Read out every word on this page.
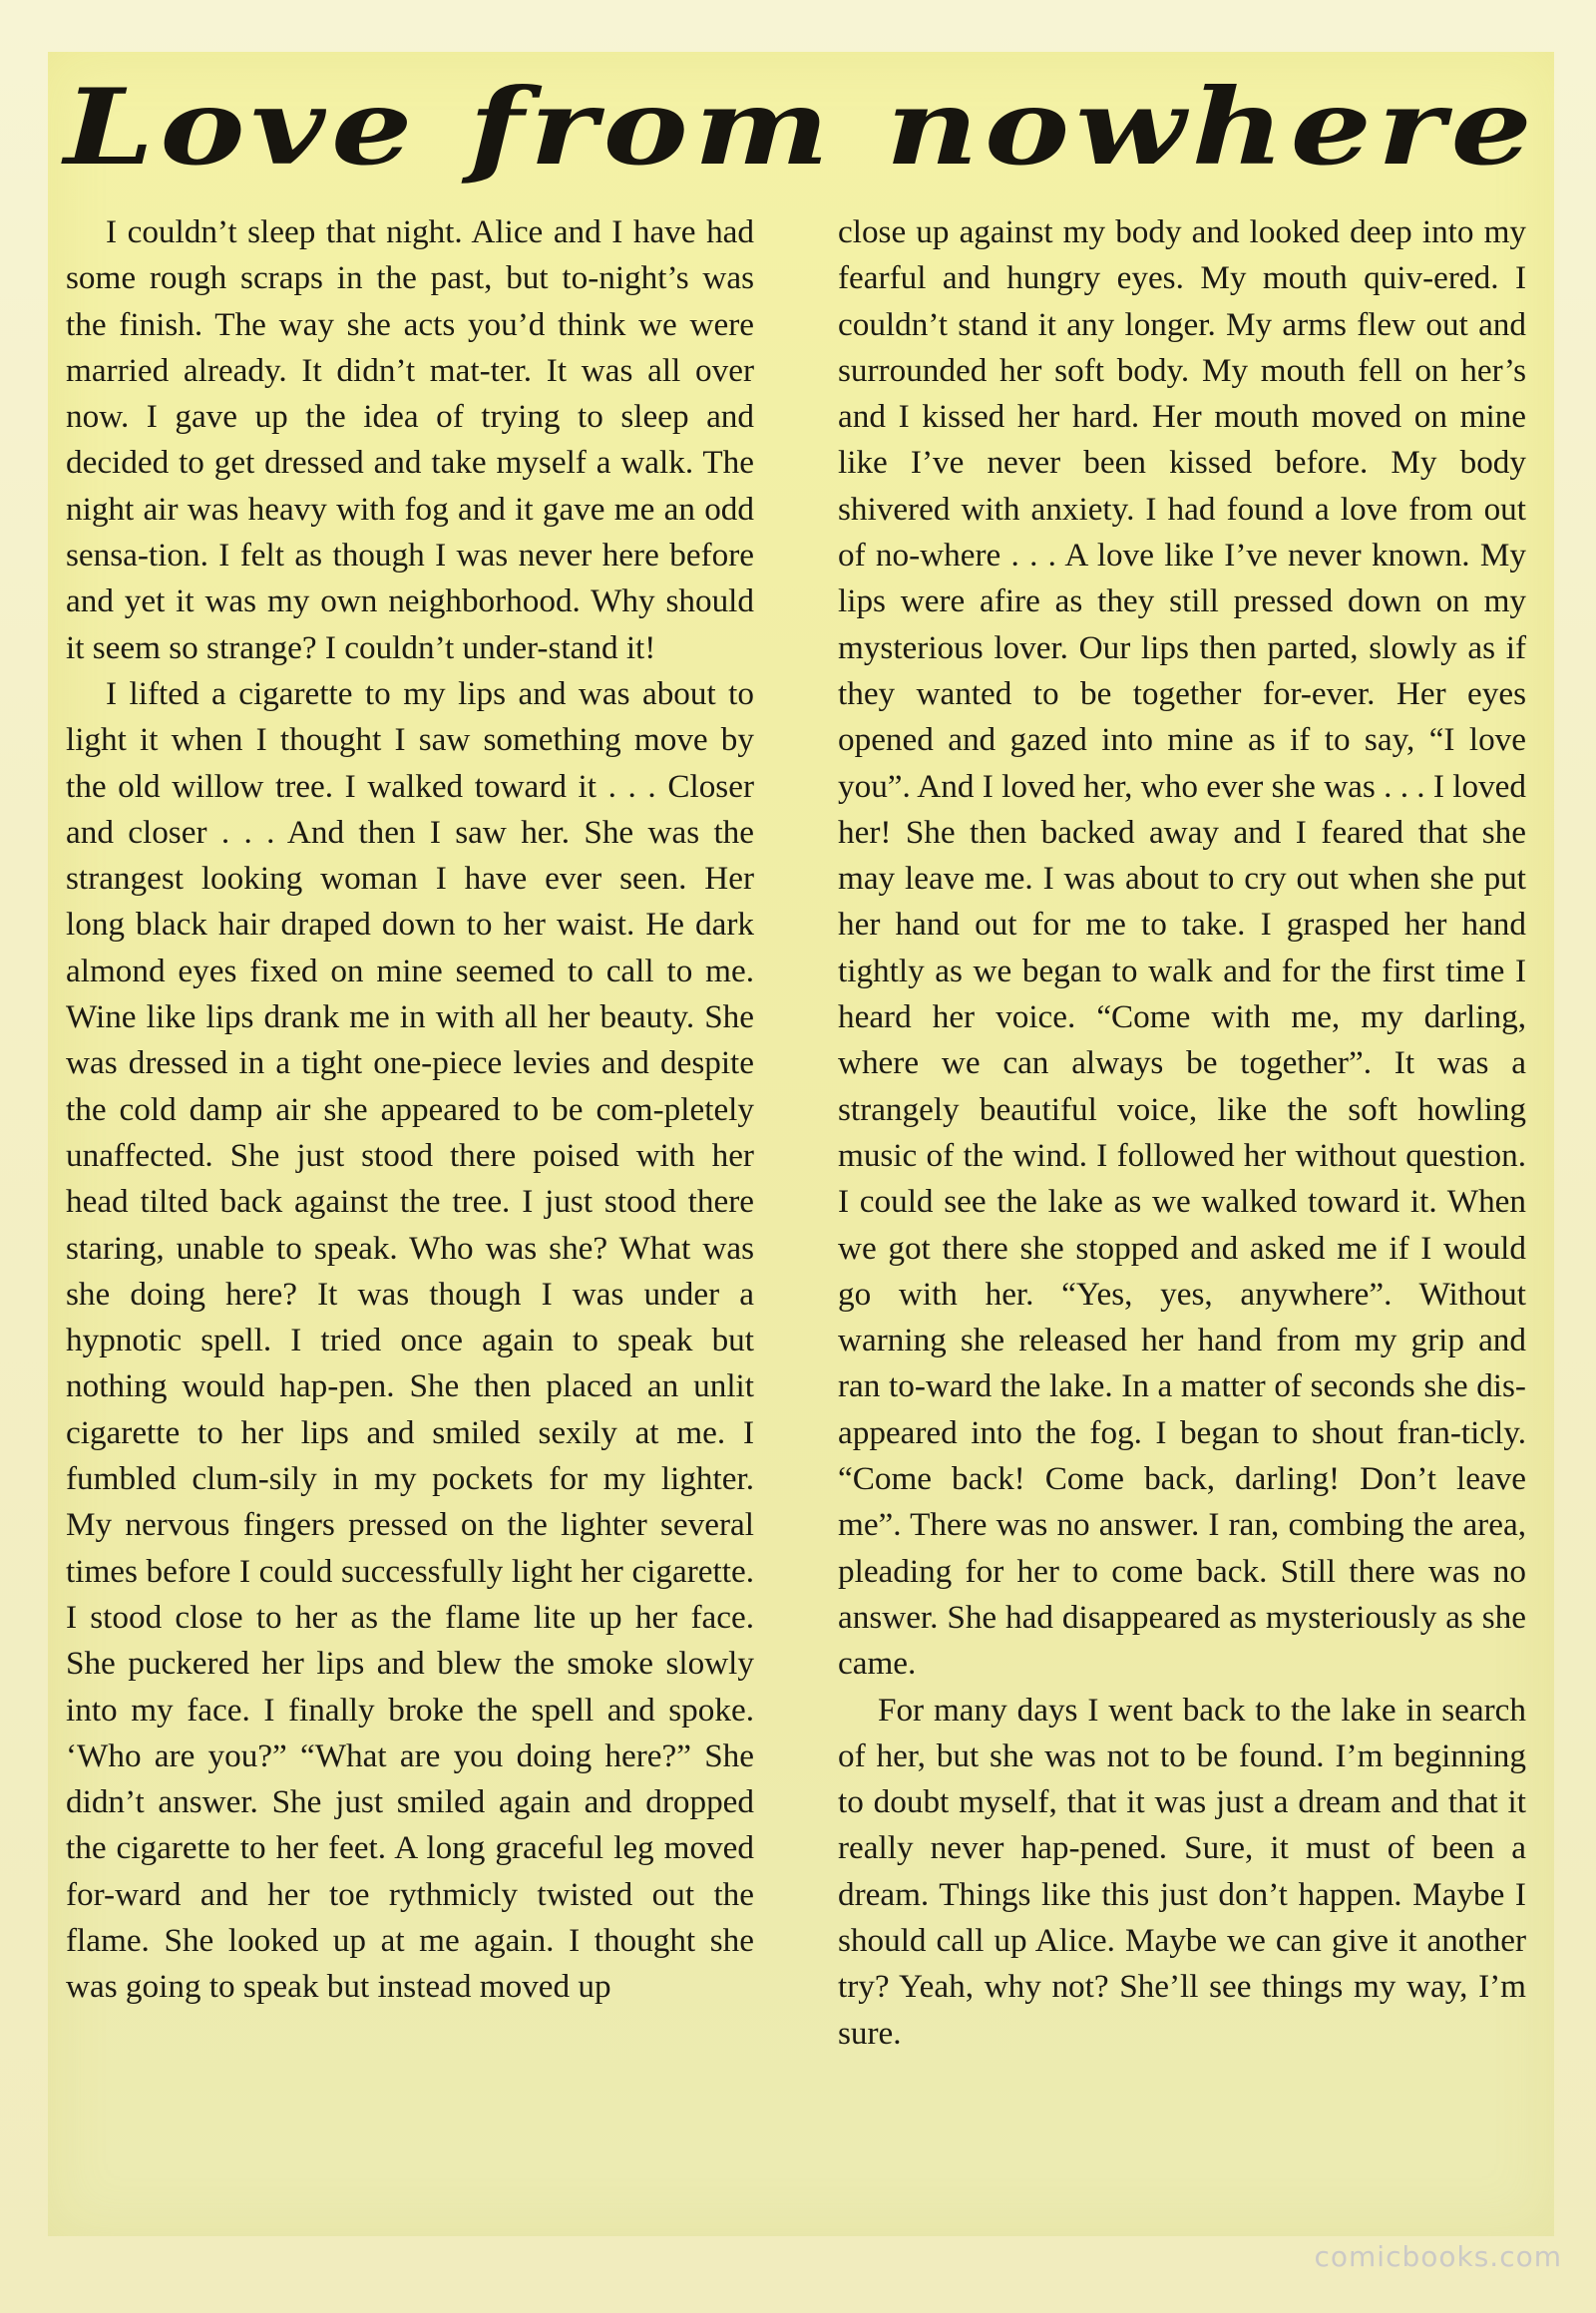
Love from nowhere

I couldn’t sleep that night. Alice and I have had some rough scraps in the past, but to-night’s was the finish. The way she acts you’d think we were married already. It didn’t mat-ter. It was all over now. I gave up the idea of trying to sleep and decided to get dressed and take myself a walk. The night air was heavy with fog and it gave me an odd sensa-tion. I felt as though I was never here before and yet it was my own neighborhood. Why should it seem so strange? I couldn’t under-stand it!

I lifted a cigarette to my lips and was about to light it when I thought I saw something move by the old willow tree. I walked toward it . . . Closer and closer . . . And then I saw her. She was the strangest looking woman I have ever seen. Her long black hair draped down to her waist. He dark almond eyes fixed on mine seemed to call to me. Wine like lips drank me in with all her beauty. She was dressed in a tight one-piece levies and despite the cold damp air she appeared to be com-pletely unaffected. She just stood there poised with her head tilted back against the tree. I just stood there staring, unable to speak. Who was she? What was she doing here? It was though I was under a hypnotic spell. I tried once again to speak but nothing would hap-pen. She then placed an unlit cigarette to her lips and smiled sexily at me. I fumbled clum-sily in my pockets for my lighter. My nervous fingers pressed on the lighter several times before I could successfully light her cigarette. I stood close to her as the flame lite up her face. She puckered her lips and blew the smoke slowly into my face. I finally broke the spell and spoke. ‘Who are you?” “What are you doing here?” She didn’t answer. She just smiled again and dropped the cigarette to her feet. A long graceful leg moved for-ward and her toe rythmicly twisted out the flame. She looked up at me again. I thought she was going to speak but instead moved up

close up against my body and looked deep into my fearful and hungry eyes. My mouth quiv-ered. I couldn’t stand it any longer. My arms flew out and surrounded her soft body. My mouth fell on her’s and I kissed her hard. Her mouth moved on mine like I’ve never been kissed before. My body shivered with anxiety. I had found a love from out of no-where . . . A love like I’ve never known. My lips were afire as they still pressed down on my mysterious lover. Our lips then parted, slowly as if they wanted to be together for-ever. Her eyes opened and gazed into mine as if to say, “I love you”. And I loved her, who ever she was . . . I loved her! She then backed away and I feared that she may leave me. I was about to cry out when she put her hand out for me to take. I grasped her hand tightly as we began to walk and for the first time I heard her voice. “Come with me, my darling, where we can always be together”. It was a strangely beautiful voice, like the soft howling music of the wind. I followed her without question. I could see the lake as we walked toward it. When we got there she stopped and asked me if I would go with her. “Yes, yes, anywhere”. Without warning she released her hand from my grip and ran to-ward the lake. In a matter of seconds she dis-appeared into the fog. I began to shout fran-ticly. “Come back! Come back, darling! Don’t leave me”. There was no answer. I ran, combing the area, pleading for her to come back. Still there was no answer. She had disappeared as mysteriously as she came.

For many days I went back to the lake in search of her, but she was not to be found. I’m beginning to doubt myself, that it was just a dream and that it really never hap-pened. Sure, it must of been a dream. Things like this just don’t happen. Maybe I should call up Alice. Maybe we can give it another try? Yeah, why not? She’ll see things my way, I’m sure.

comicbooks.com
